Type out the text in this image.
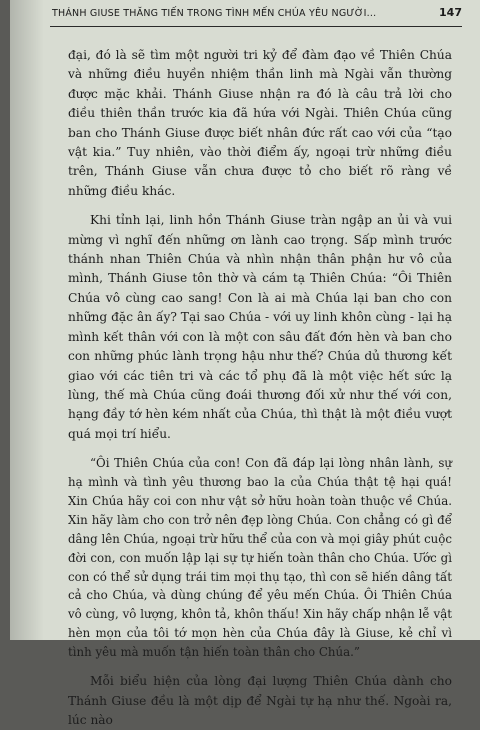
THÁNH GIUSE THĂNG TIẾN TRONG TÌNH MẾN CHÚA YÊU NGƯỜI...	147

đại, đó là sẽ tìm một người tri kỷ để đàm đạo về Thiên Chúa và những điều huyền nhiệm thần linh mà Ngài vẫn thường được mặc khải. Thánh Giuse nhận ra đó là câu trả lời cho điều thiên thần trước kia đã hứa với Ngài. Thiên Chúa cũng ban cho Thánh Giuse được biết nhân đức rất cao với của “tạo vật kia.” Tuy nhiên, vào thời điểm ấy, ngoại trừ những điều trên, Thánh Giuse vẫn chưa được tỏ cho biết rõ ràng về những điều khác.

Khi tỉnh lại, linh hồn Thánh Giuse tràn ngập an ủi và vui mừng vì nghĩ đến những ơn lành cao trọng. Sấp mình trước thánh nhan Thiên Chúa và nhìn nhận thân phận hư vô của mình, Thánh Giuse tôn thờ và cám tạ Thiên Chúa: “Ôi Thiên Chúa vô cùng cao sang! Con là ai mà Chúa lại ban cho con những đặc ân ấy? Tại sao Chúa - với uy linh khôn cùng - lại hạ mình kết thân với con là một con sâu đất đớn hèn và ban cho con những phúc lành trọng hậu như thế? Chúa dủ thương kết giao với các tiên tri và các tổ phụ đã là một việc hết sức lạ lùng, thế mà Chúa cũng đoái thương đối xử như thế với con, hạng đầy tớ hèn kém nhất của Chúa, thì thật là một điều vượt quá mọi trí hiểu.

“Ôi Thiên Chúa của con! Con đã đáp lại lòng nhân lành, sự hạ mình và tình yêu thương bao la của Chúa thật tệ hại quá! Xin Chúa hãy coi con như vật sở hữu hoàn toàn thuộc về Chúa. Xin hãy làm cho con trở nên đẹp lòng Chúa. Con chẳng có gì để dâng lên Chúa, ngoại trừ hữu thể của con và mọi giây phút cuộc đời con, con muốn lập lại sự tự hiến toàn thân cho Chúa. Ước gì con có thể sử dụng trái tim mọi thụ tạo, thì con sẽ hiến dâng tất cả cho Chúa, và dùng chúng để yêu mến Chúa. Ôi Thiên Chúa vô cùng, vô lượng, khôn tả, khôn thấu! Xin hãy chấp nhận lễ vật hèn mọn của tôi tớ mọn hèn của Chúa đây là Giuse, kẻ chỉ vì tình yêu mà muốn tận hiến toàn thân cho Chúa.”

Mỗi biểu hiện của lòng đại lượng Thiên Chúa dành cho Thánh Giuse đều là một dịp để Ngài tự hạ như thế. Ngoài ra, lúc nào
